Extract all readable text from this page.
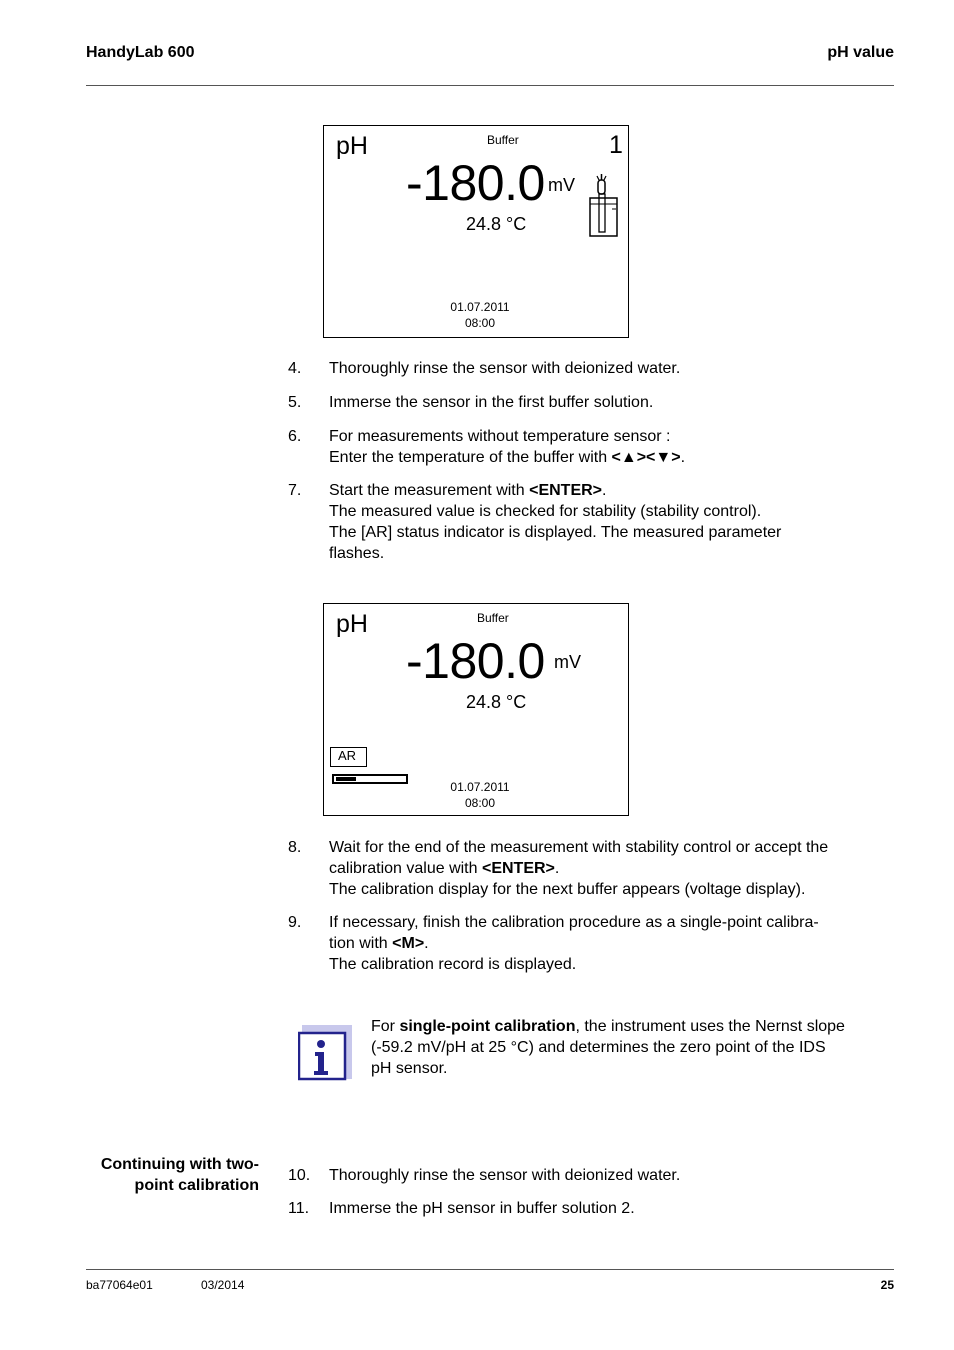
HandyLab 600	pH value
pH	Buffer	1
-180.0 mV
24.8 °C
01.07.2011
08:00
4.	Thoroughly rinse the sensor with deionized water.
5.	Immerse the sensor in the first buffer solution.
6.	For measurements without temperature sensor :
Enter the temperature of the buffer with <▲><▼>.
7.	Start the measurement with <ENTER>.
The measured value is checked for stability (stability control).
The [AR] status indicator is displayed. The measured parameter
flashes.
pH	Buffer
-180.0 mV
24.8 °C
AR
01.07.2011
08:00
8.	Wait for the end of the measurement with stability control or accept the
calibration value with <ENTER>.
The calibration display for the next buffer appears (voltage display).
9.	If necessary, finish the calibration procedure as a single-point calibra-
tion with <M>.
The calibration record is displayed.
For single-point calibration, the instrument uses the Nernst slope
(-59.2 mV/pH at 25 °C) and determines the zero point of the IDS
pH sensor.
Continuing with two-
point calibration
10.	Thoroughly rinse the sensor with deionized water.
11.	Immerse the pH sensor in buffer solution 2.
ba77064e01	03/2014	25
